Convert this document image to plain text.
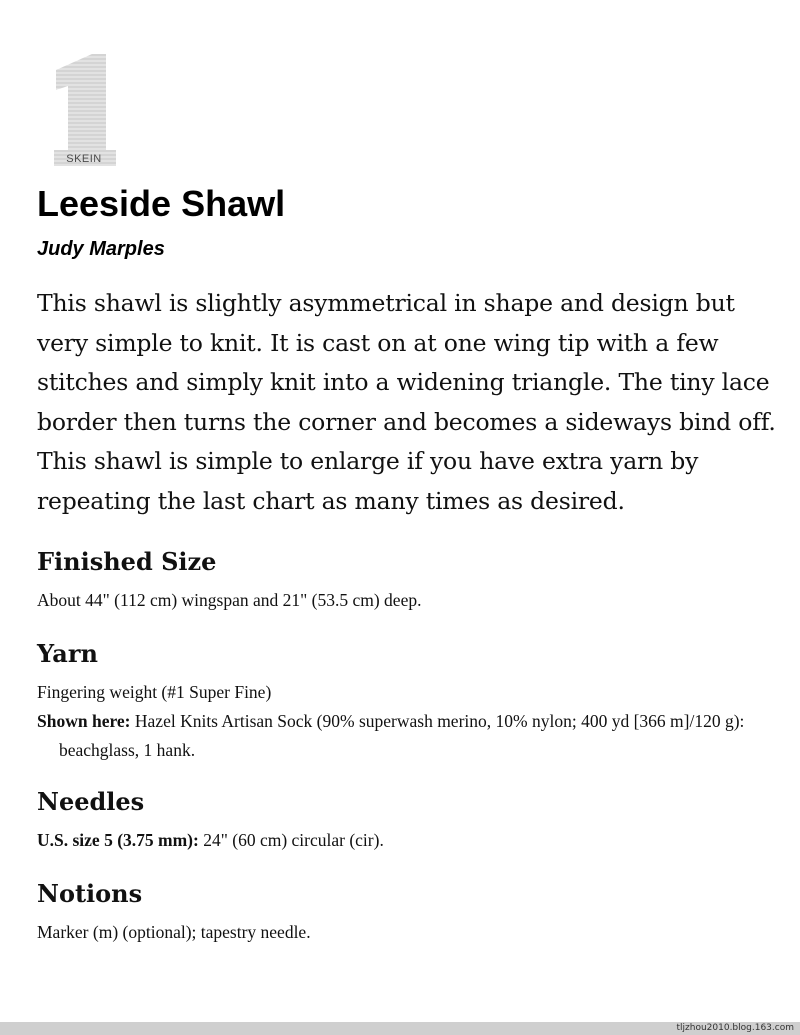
SKEIN
Leeside Shawl

Judy Marples

This shawl is slightly asymmetrical in shape and design but very simple to knit. It is cast on at one wing tip with a few stitches and simply knit into a widening triangle. The tiny lace border then turns the corner and becomes a sideways bind off. This shawl is simple to enlarge if you have extra yarn by repeating the last chart as many times as desired.

Finished Size

About 44" (112 cm) wingspan and 21" (53.5 cm) deep.

Yarn

Fingering weight (#1 Super Fine)

Shown here: Hazel Knits Artisan Sock (90% superwash merino, 10% nylon; 400 yd [366 m]/120 g): beachglass, 1 hank.

Needles

U.S. size 5 (3.75 mm): 24" (60 cm) circular (cir).

Notions

Marker (m) (optional); tapestry needle.

tljzhou2010.blog.163.com
